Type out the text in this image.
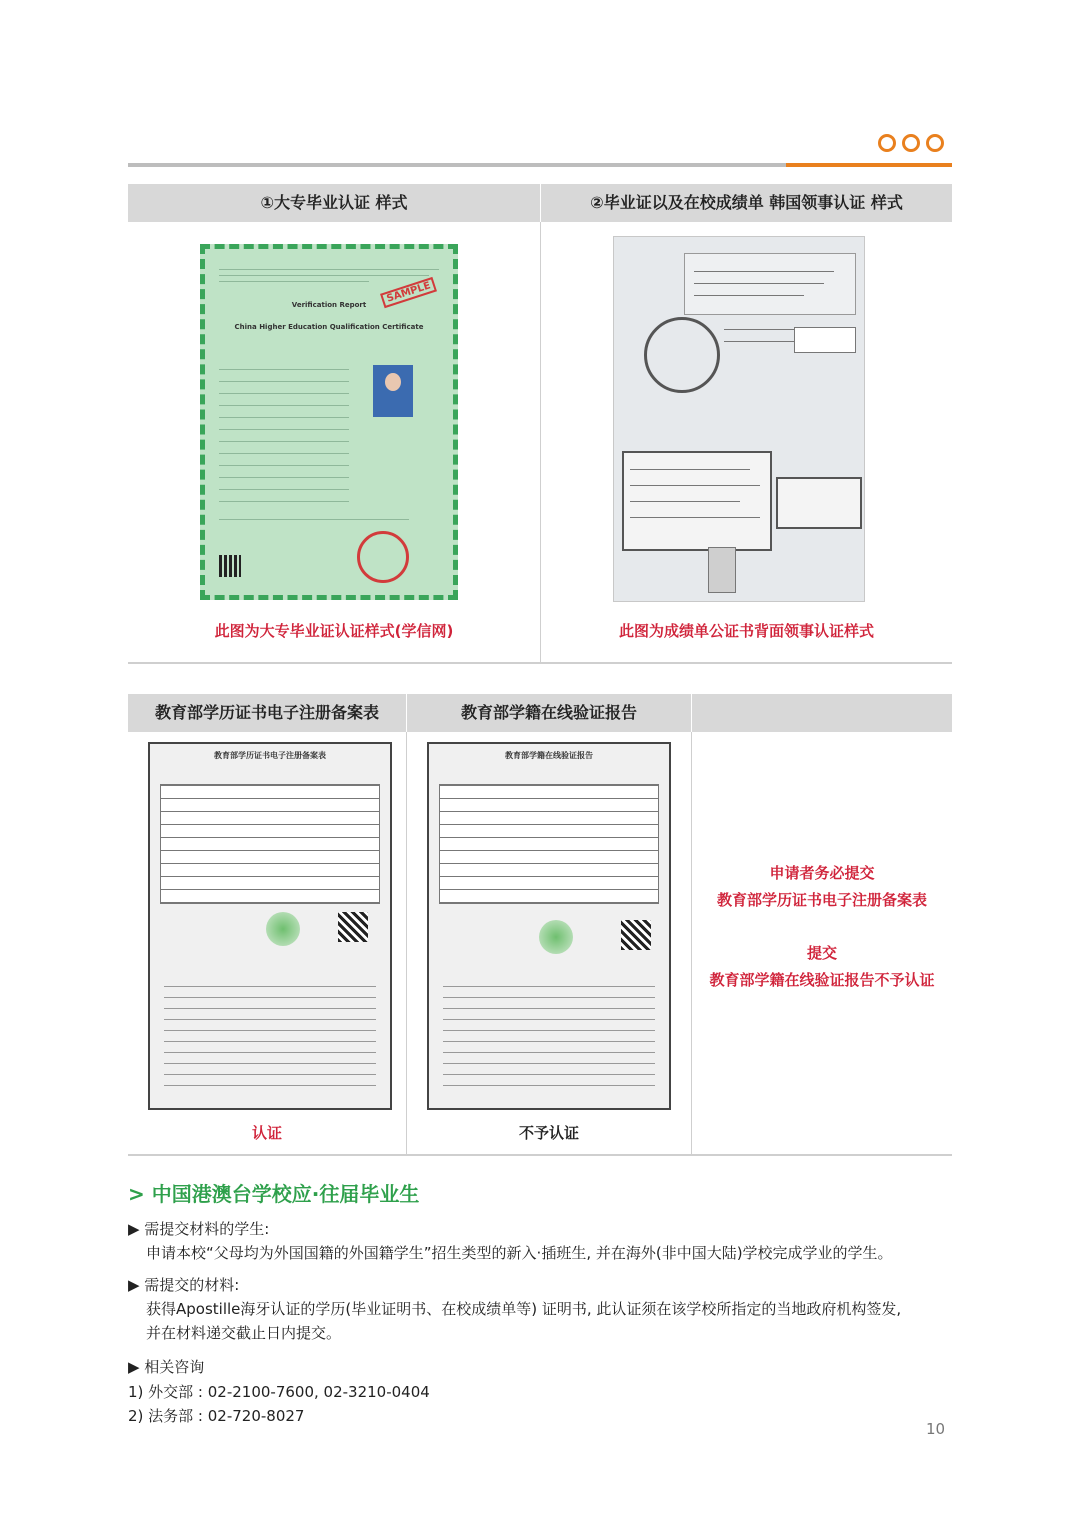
①大专毕业认证 样式
SAMPLE
Verification Report
China Higher Education Qualification Certificate
此图为大专毕业证认证样式(学信网)
②毕业证以及在校成绩单 韩国领事认证 样式
此图为成绩单公证书背面领事认证样式
教育部学历证书电子注册备案表
教育部学历证书电子注册备案表
认证
教育部学籍在线验证报告
教育部学籍在线验证报告
不予认证
申请者务必提交
教育部学历证书电子注册备案表
提交
教育部学籍在线验证报告不予认证
> 中国港澳台学校应·往届毕业生
▶ 需提交材料的学生:
申请本校“父母均为外国国籍的外国籍学生”招生类型的新入·插班生, 并在海外(非中国大陆)学校完成学业的学生。
▶ 需提交的材料:
获得Apostille海牙认证的学历(毕业证明书、在校成绩单等) 证明书, 此认证须在该学校所指定的当地政府机构签发,
并在材料递交截止日内提交。
▶ 相关咨询
1) 外交部 : 02-2100-7600, 02-3210-0404
2) 法务部 : 02-720-8027
10
